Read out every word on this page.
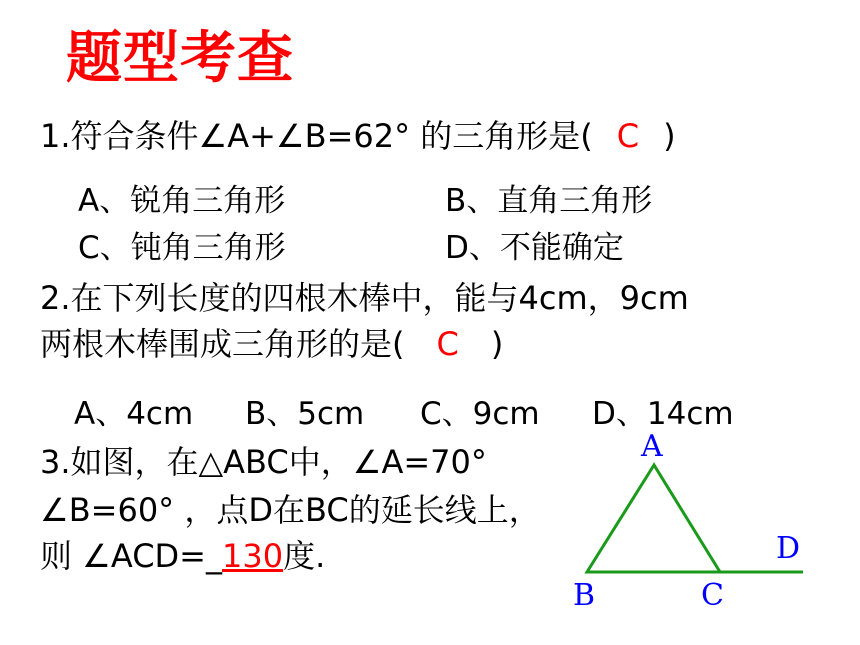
题型考查
1.符合条件∠A+∠B=62° 的三角形是( C )
A、锐角三角形	B、直角三角形
C、钝角三角形	D、不能确定
2.在下列长度的四根木棒中，能与4cm，9cm
两根木棒围成三角形的是( C )
A、4cm B、5cm C、9cm D、14cm
3.如图，在△ABC中，∠A=70°
∠B=60° ，点D在BC的延长线上，
则 ∠ACD=_130度.
A
B	C
D
